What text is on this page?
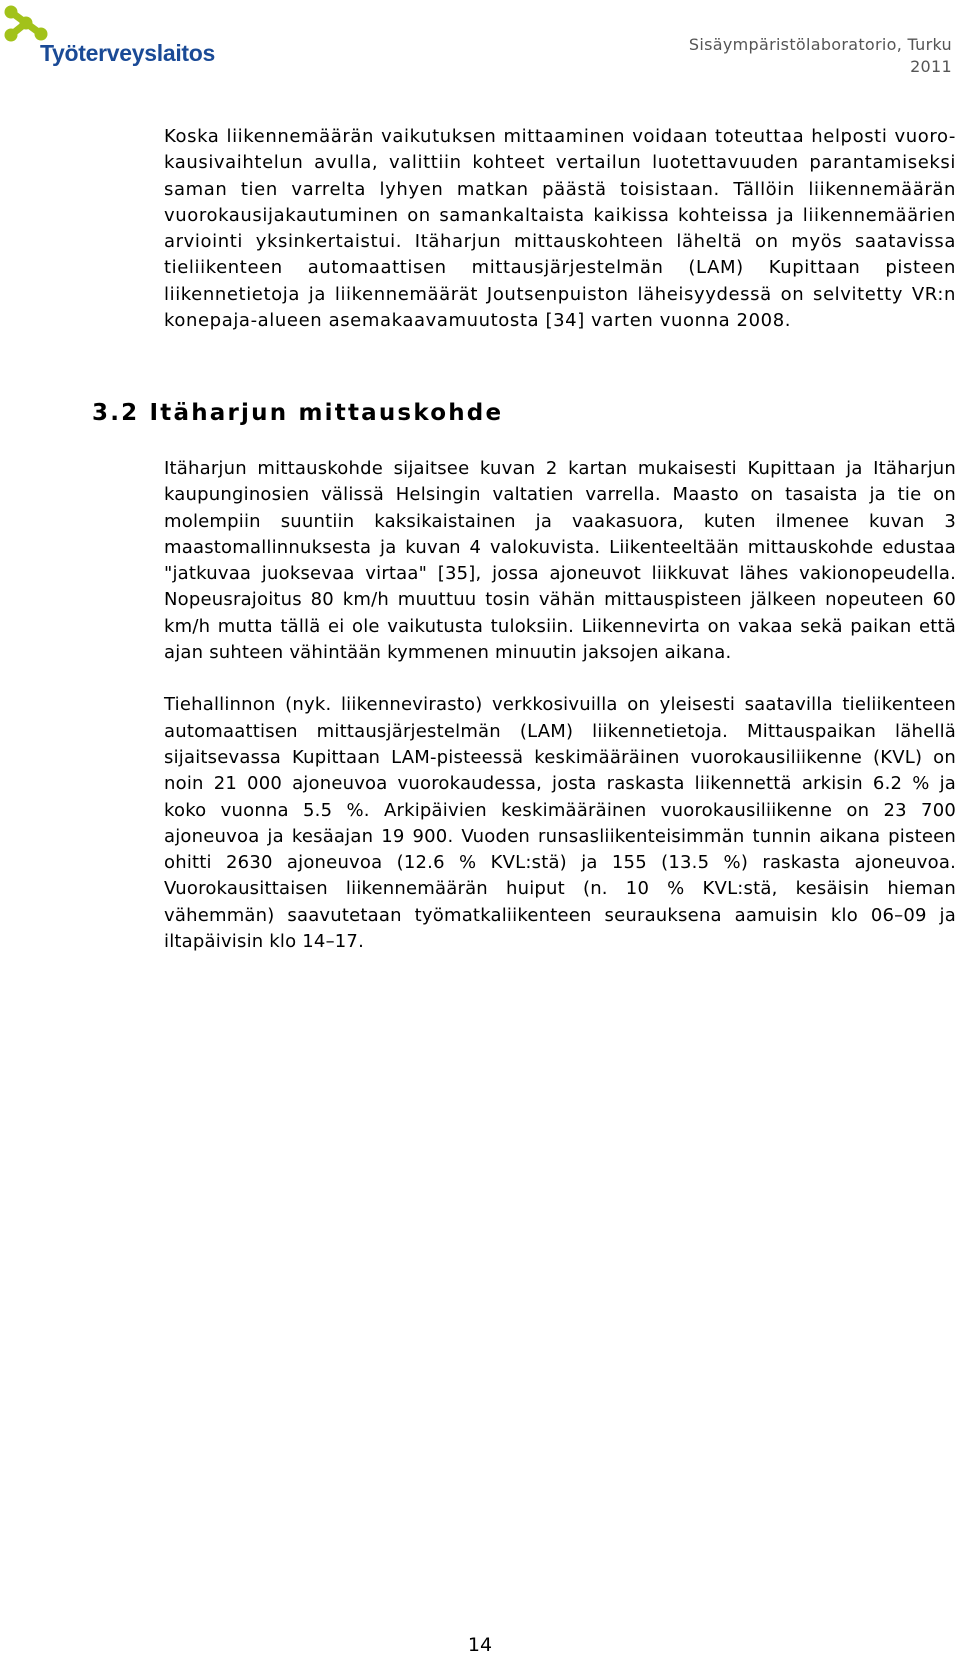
Työterveyslaitos	Sisäympäristölaboratorio, Turku
2011

Koska liikennemäärän vaikutuksen mittaaminen voidaan toteuttaa helposti vuoro-kausivaihtelun avulla, valittiin kohteet vertailun luotettavuuden parantamiseksi saman tien varrelta lyhyen matkan päästä toisistaan. Tällöin liikennemäärän vuorokausijakautuminen on samankaltaista kaikissa kohteissa ja liikennemäärien arviointi yksinkertaistui. Itäharjun mittauskohteen läheltä on myös saatavissa tieliikenteen automaattisen mittausjärjestelmän (LAM) Kupittaan pisteen liikennetietoja ja liikennemäärät Joutsenpuiston läheisyydessä on selvitetty VR:n konepaja-alueen asemakaavamuutosta [34] varten vuonna 2008.

3.2 Itäharjun mittauskohde

Itäharjun mittauskohde sijaitsee kuvan 2 kartan mukaisesti Kupittaan ja Itäharjun kaupunginosien välissä Helsingin valtatien varrella. Maasto on tasaista ja tie on molempiin suuntiin kaksikaistainen ja vaakasuora, kuten ilmenee kuvan 3 maastomallinnuksesta ja kuvan 4 valokuvista. Liikenteeltään mittauskohde edustaa "jatkuvaa juoksevaa virtaa" [35], jossa ajoneuvot liikkuvat lähes vakionopeudella. Nopeusrajoitus 80 km/h muuttuu tosin vähän mittauspisteen jälkeen nopeuteen 60 km/h mutta tällä ei ole vaikutusta tuloksiin. Liikennevirta on vakaa sekä paikan että ajan suhteen vähintään kymmenen minuutin jaksojen aikana.

Tiehallinnon (nyk. liikennevirasto) verkkosivuilla on yleisesti saatavilla tieliikenteen automaattisen mittausjärjestelmän (LAM) liikennetietoja. Mittauspaikan lähellä sijaitsevassa Kupittaan LAM-pisteessä keskimääräinen vuorokausiliikenne (KVL) on noin 21 000 ajoneuvoa vuorokaudessa, josta raskasta liikennettä arkisin 6.2 % ja koko vuonna 5.5 %. Arkipäivien keskimääräinen vuorokausiliikenne on 23 700 ajoneuvoa ja kesäajan 19 900. Vuoden runsasliikenteisimmän tunnin aikana pisteen ohitti 2630 ajoneuvoa (12.6 % KVL:stä) ja 155 (13.5 %) raskasta ajoneuvoa. Vuorokausittaisen liikennemäärän huiput (n. 10 % KVL:stä, kesäisin hieman vähemmän) saavutetaan työmatkaliikenteen seurauksena aamuisin klo 06–09 ja iltapäivisin klo 14–17.

14
